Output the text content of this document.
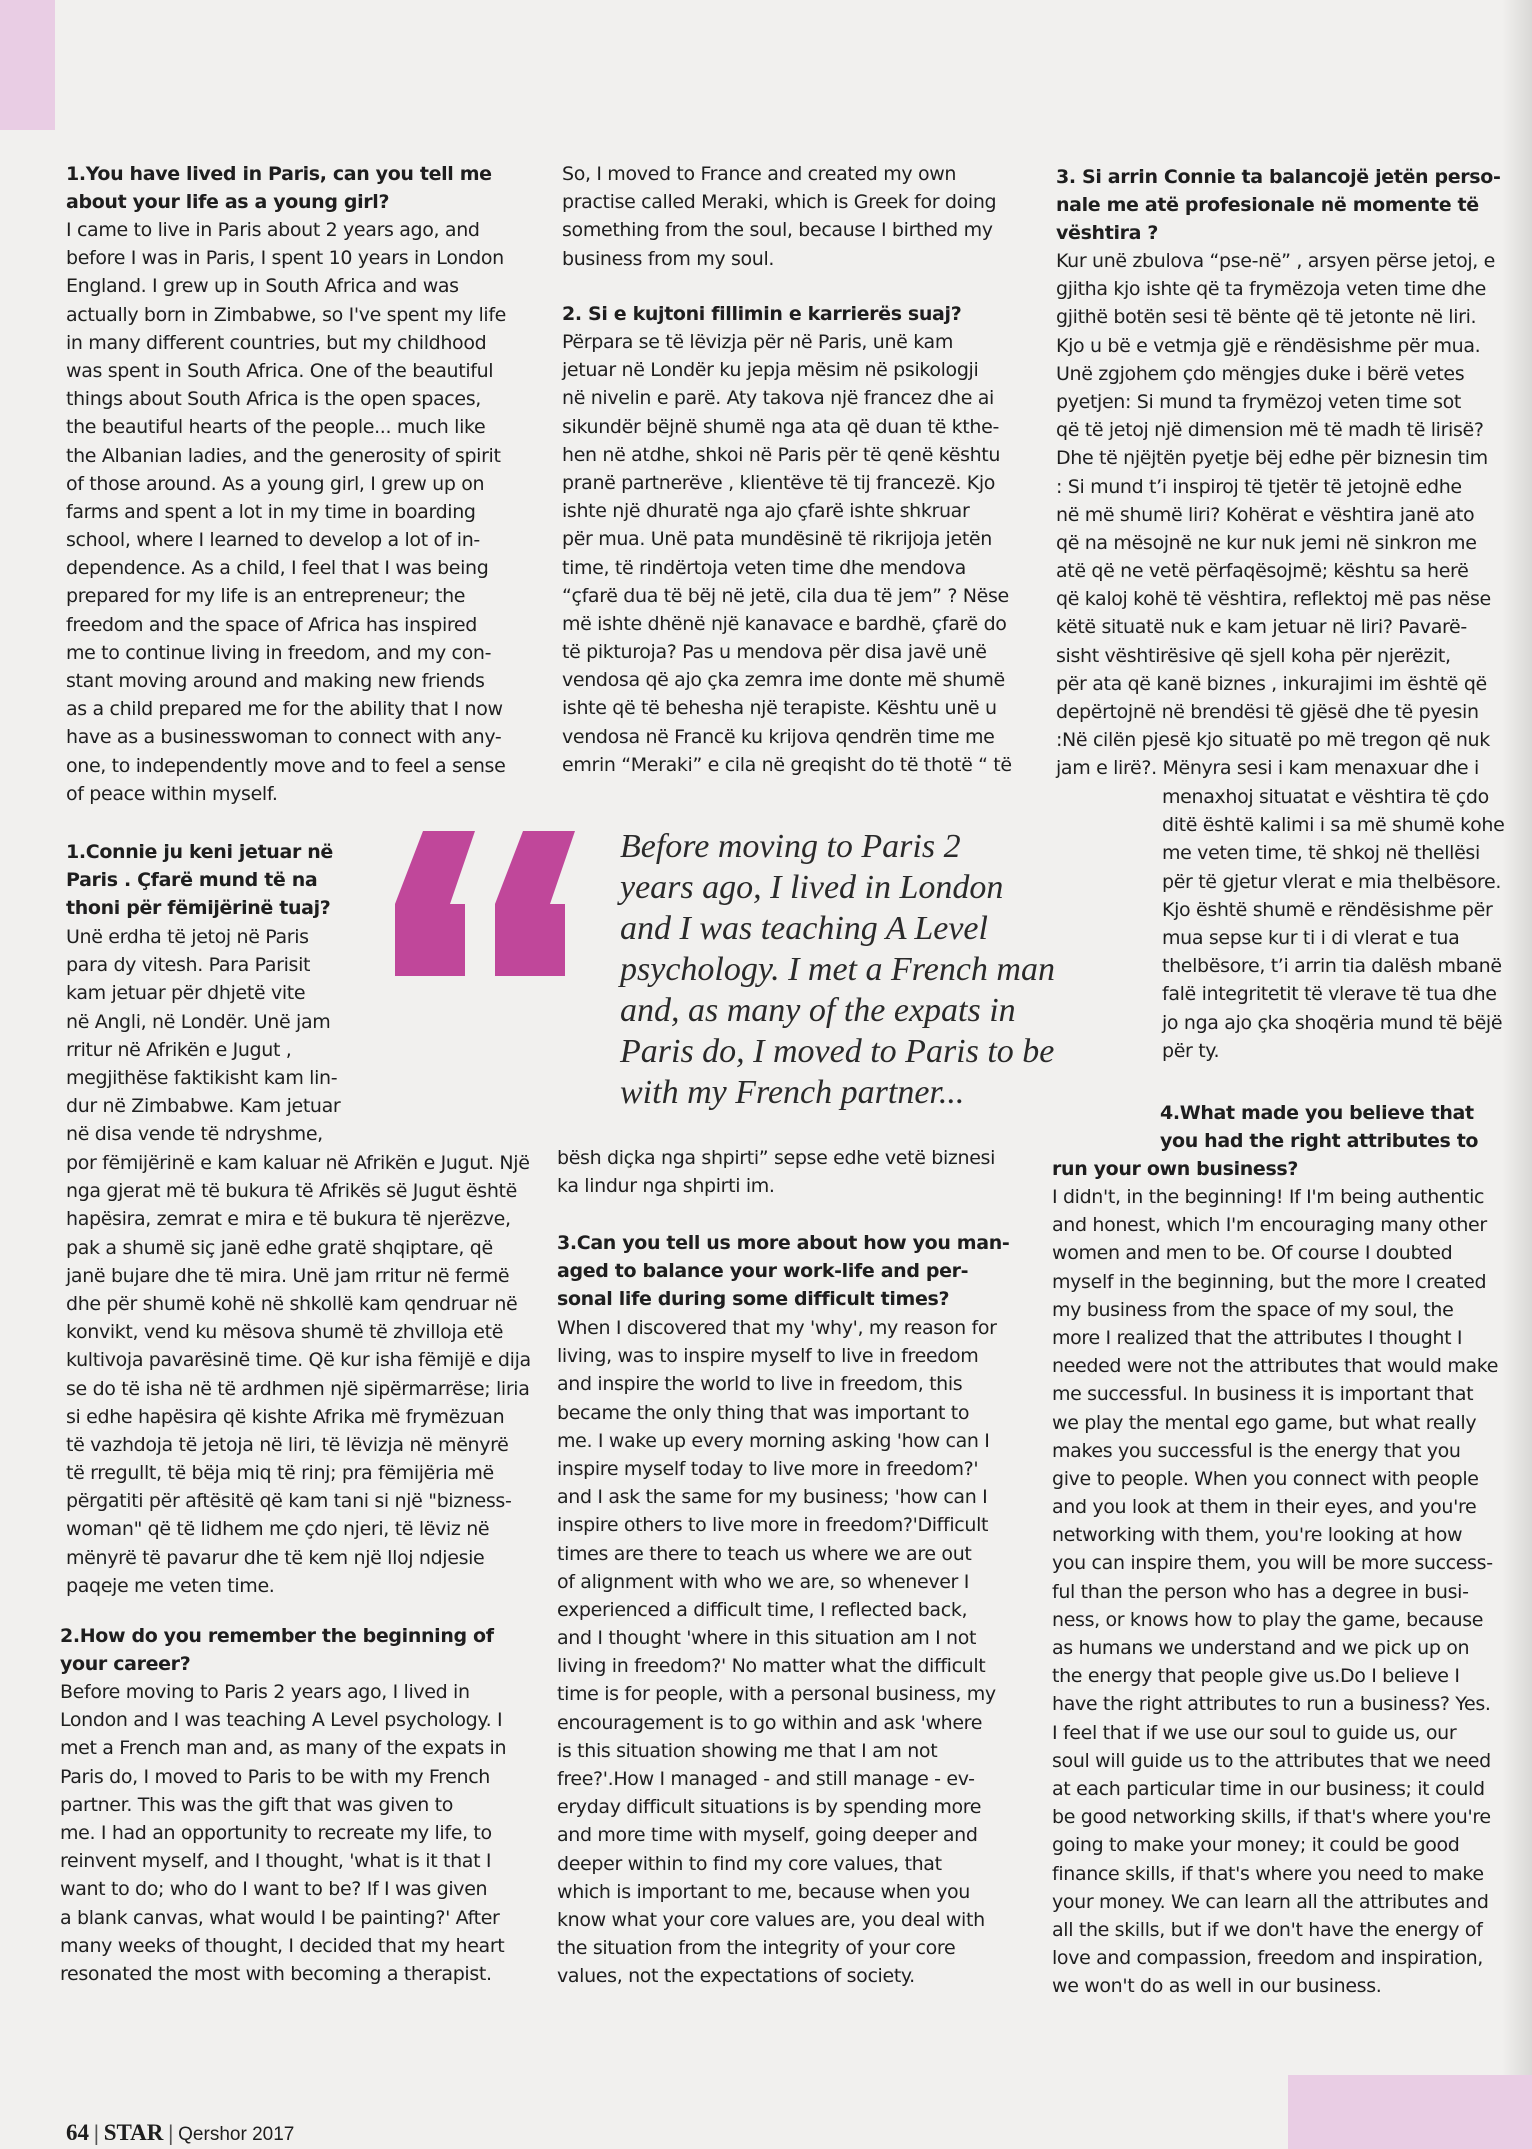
1.You have lived in Paris, can you tell me
about your life as a young girl?
I came to live in Paris about 2 years ago, and
before I was in Paris, I spent 10 years in London
England. I grew up in South Africa and was
actually born in Zimbabwe, so I've spent my life
in many different countries, but my childhood
was spent in South Africa. One of the beautiful
things about South Africa is the open spaces,
the beautiful hearts of the people... much like
the Albanian ladies, and the generosity of spirit
of those around. As a young girl, I grew up on
farms and spent a lot in my time in boarding
school, where I learned to develop a lot of in-
dependence. As a child, I feel that I was being
prepared for my life is an entrepreneur; the
freedom and the space of Africa has inspired
me to continue living in freedom, and my con-
stant moving around and making new friends
as a child prepared me for the ability that I now
have as a businesswoman to connect with any-
one, to independently move and to feel a sense
of peace within myself.
1.Connie ju keni jetuar në
Paris . Çfarë mund të na
thoni për fëmijërinë tuaj?
Unë erdha të jetoj në Paris
para dy vitesh. Para Parisit
kam jetuar për dhjetë vite
në Angli, në Londër. Unë jam
rritur në Afrikën e Jugut ,
megjithëse faktikisht kam lin-
dur në Zimbabwe. Kam jetuar
në disa vende të ndryshme,
por fëmijërinë e kam kaluar në Afrikën e Jugut. Një
nga gjerat më të bukura të Afrikës së Jugut është
hapësira, zemrat e mira e të bukura të njerëzve,
pak a shumë siç janë edhe gratë shqiptare, që
janë bujare dhe të mira. Unë jam rritur në fermë
dhe për shumë kohë në shkollë kam qendruar në
konvikt, vend ku mësova shumë të zhvilloja etë
kultivoja pavarësinë time. Që kur isha fëmijë e dija
se do të isha në të ardhmen një sipërmarrëse; liria
si edhe hapësira që kishte Afrika më frymëzuan
të vazhdoja të jetoja në liri, të lëvizja në mënyrë
të rregullt, të bëja miq të rinj; pra fëmijëria më
përgatiti për aftësitë që kam tani si një "bizness-
woman" që të lidhem me çdo njeri, të lëviz në
mënyrë të pavarur dhe të kem një lloj ndjesie
paqeje me veten time.
2.How do you remember the beginning of
your career?
Before moving to Paris 2 years ago, I lived in
London and I was teaching A Level psychology. I
met a French man and, as many of the expats in
Paris do, I moved to Paris to be with my French
partner. This was the gift that was given to
me. I had an opportunity to recreate my life, to
reinvent myself, and I thought, 'what is it that I
want to do; who do I want to be? If I was given
a blank canvas, what would I be painting?' After
many weeks of thought, I decided that my heart
resonated the most with becoming a therapist.
So, I moved to France and created my own
practise called Meraki, which is Greek for doing
something from the soul, because I birthed my
business from my soul.
2. Si e kujtoni fillimin e karrierës suaj?
Përpara se të lëvizja për në Paris, unë kam
jetuar në Londër ku jepja mësim në psikologji
në nivelin e parë. Aty takova një francez dhe ai
sikundër bëjnë shumë nga ata që duan të kthe-
hen në atdhe, shkoi në Paris për të qenë kështu
pranë partnerëve , klientëve të tij francezë. Kjo
ishte një dhuratë nga ajo çfarë ishte shkruar
për mua. Unë pata mundësinë të rikrijoja jetën
time, të rindërtoja veten time dhe mendova
“çfarë dua të bëj në jetë, cila dua të jem” ? Nëse
më ishte dhënë një kanavace e bardhë, çfarë do
të pikturoja? Pas u mendova për disa javë unë
vendosa që ajo çka zemra ime donte më shumë
ishte që të behesha një terapiste. Kështu unë u
vendosa në Francë ku krijova qendrën time me
emrin “Meraki” e cila në greqisht do të thotë “ të
bësh diçka nga shpirti” sepse edhe vetë biznesi
ka lindur nga shpirti im.
3.Can you tell us more about how you man-
aged to balance your work-life and per-
sonal life during some difficult times?
When I discovered that my 'why', my reason for
living, was to inspire myself to live in freedom
and inspire the world to live in freedom, this
became the only thing that was important to
me. I wake up every morning asking 'how can I
inspire myself today to live more in freedom?'
and I ask the same for my business; 'how can I
inspire others to live more in freedom?'Difficult
times are there to teach us where we are out
of alignment with who we are, so whenever I
experienced a difficult time, I reflected back,
and I thought 'where in this situation am I not
living in freedom?' No matter what the difficult
time is for people, with a personal business, my
encouragement is to go within and ask 'where
is this situation showing me that I am not
free?'.How I managed - and still manage - ev-
eryday difficult situations is by spending more
and more time with myself, going deeper and
deeper within to find my core values, that
which is important to me, because when you
know what your core values are, you deal with
the situation from the integrity of your core
values, not the expectations of society.
Before moving to Paris 2
years ago, I lived in London
and I was teaching A Level
psychology. I met a French man
and, as many of the expats in
Paris do, I moved to Paris to be
with my French partner...
3. Si arrin Connie ta balancojë jetën perso-
nale me atë profesionale në momente të
vështira ?
Kur unë zbulova “pse-në” , arsyen përse jetoj, e
gjitha kjo ishte që ta frymëzoja veten time dhe
gjithë botën sesi të bënte që të jetonte në liri.
Kjo u bë e vetmja gjë e rëndësishme për mua.
Unë zgjohem çdo mëngjes duke i bërë vetes
pyetjen: Si mund ta frymëzoj veten time sot
që të jetoj një dimension më të madh të lirisë?
Dhe të njëjtën pyetje bëj edhe për biznesin tim
: Si mund t’i inspiroj të tjetër të jetojnë edhe
në më shumë liri? Kohërat e vështira janë ato
që na mësojnë ne kur nuk jemi në sinkron me
atë që ne vetë përfaqësojmë; kështu sa herë
që kaloj kohë të vështira, reflektoj më pas nëse
këtë situatë nuk e kam jetuar në liri? Pavarë-
sisht vështirësive që sjell koha për njerëzit,
për ata që kanë biznes , inkurajimi im është që
depërtojnë në brendësi të gjësë dhe të pyesin
:Në cilën pjesë kjo situatë po më tregon që nuk
jam e lirë?. Mënyra sesi i kam menaxuar dhe i
menaxhoj situatat e vështira të çdo
ditë është kalimi i sa më shumë kohe
me veten time, të shkoj në thellësi
për të gjetur vlerat e mia thelbësore.
Kjo është shumë e rëndësishme për
mua sepse kur ti i di vlerat e tua
thelbësore, t’i arrin tia dalësh mbanë
falë integritetit të vlerave të tua dhe
jo nga ajo çka shoqëria mund të bëjë
për ty.
4.What made you believe that
you had the right attributes to
run your own business?
I didn't, in the beginning! If I'm being authentic
and honest, which I'm encouraging many other
women and men to be. Of course I doubted
myself in the beginning, but the more I created
my business from the space of my soul, the
more I realized that the attributes I thought I
needed were not the attributes that would make
me successful. In business it is important that
we play the mental ego game, but what really
makes you successful is the energy that you
give to people. When you connect with people
and you look at them in their eyes, and you're
networking with them, you're looking at how
you can inspire them, you will be more success-
ful than the person who has a degree in busi-
ness, or knows how to play the game, because
as humans we understand and we pick up on
the energy that people give us.Do I believe I
have the right attributes to run a business? Yes.
I feel that if we use our soul to guide us, our
soul will guide us to the attributes that we need
at each particular time in our business; it could
be good networking skills, if that's where you're
going to make your money; it could be good
finance skills, if that's where you need to make
your money. We can learn all the attributes and
all the skills, but if we don't have the energy of
love and compassion, freedom and inspiration,
we won't do as well in our business.
64 | STAR | Qershor 2017
